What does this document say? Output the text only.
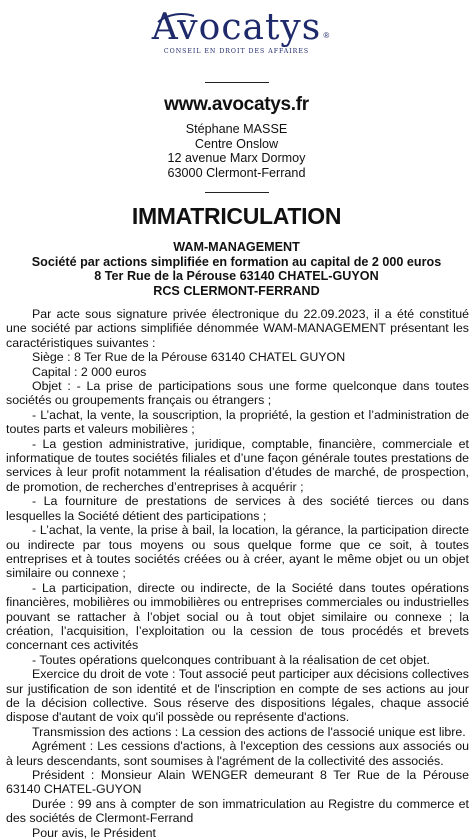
Avocatys ®
CONSEIL EN DROIT DES AFFAIRES
www.avocatys.fr
Stéphane MASSE
Centre Onslow
12 avenue Marx Dormoy
63000 Clermont-Ferrand
IMMATRICULATION
WAM-MANAGEMENT
Société par actions simplifiée en formation au capital de 2 000 euros
8 Ter Rue de la Pérouse 63140 CHATEL-GUYON
RCS CLERMONT-FERRAND

Par acte sous signature privée électronique du 22.09.2023, il a été constitué une société par actions simplifiée dénommée WAM-MANAGEMENT présentant les caractéristiques suivantes :

Siège : 8 Ter Rue de la Pérouse 63140 CHATEL GUYON

Capital : 2 000 euros

Objet : - La prise de participations sous une forme quelconque dans toutes sociétés ou groupements français ou étrangers ;

- L’achat, la vente, la souscription, la propriété, la gestion et l’administration de toutes parts et valeurs mobilières ;

- La gestion administrative, juridique, comptable, financière, commerciale et informatique de toutes sociétés filiales et d’une façon générale toutes prestations de services à leur profit notamment la réalisation d’études de marché, de prospection, de promotion, de recherches d’entreprises à acquérir ;

- La fourniture de prestations de services à des société tierces ou dans lesquelles la Société détient des participations ;

- L’achat, la vente, la prise à bail, la location, la gérance, la participation directe ou indirecte par tous moyens ou sous quelque forme que ce soit, à toutes entreprises et à toutes sociétés créées ou à créer, ayant le même objet ou un objet similaire ou connexe ;

- La participation, directe ou indirecte, de la Société dans toutes opérations financières, mobilières ou immobilières ou entreprises commerciales ou industrielles pouvant se rattacher à l’objet social ou à tout objet similaire ou connexe ; la création, l’acquisition, l’exploitation ou la cession de tous procédés et brevets concernant ces activités

- Toutes opérations quelconques contribuant à la réalisation de cet objet.

Exercice du droit de vote : Tout associé peut participer aux décisions collectives sur justification de son identité et de l'inscription en compte de ses actions au jour de la décision collective. Sous réserve des dispositions légales, chaque associé dispose d'autant de voix qu'il possède ou représente d'actions.

Transmission des actions : La cession des actions de l'associé unique est libre.

Agrément : Les cessions d'actions, à l'exception des cessions aux associés ou à leurs descendants, sont soumises à l'agrément de la collectivité des associés.

Président : Monsieur Alain WENGER demeurant 8 Ter Rue de la Pérouse 63140 CHATEL-GUYON

Durée : 99 ans à compter de son immatriculation au Registre du commerce et des sociétés de Clermont-Ferrand

Pour avis, le Président
